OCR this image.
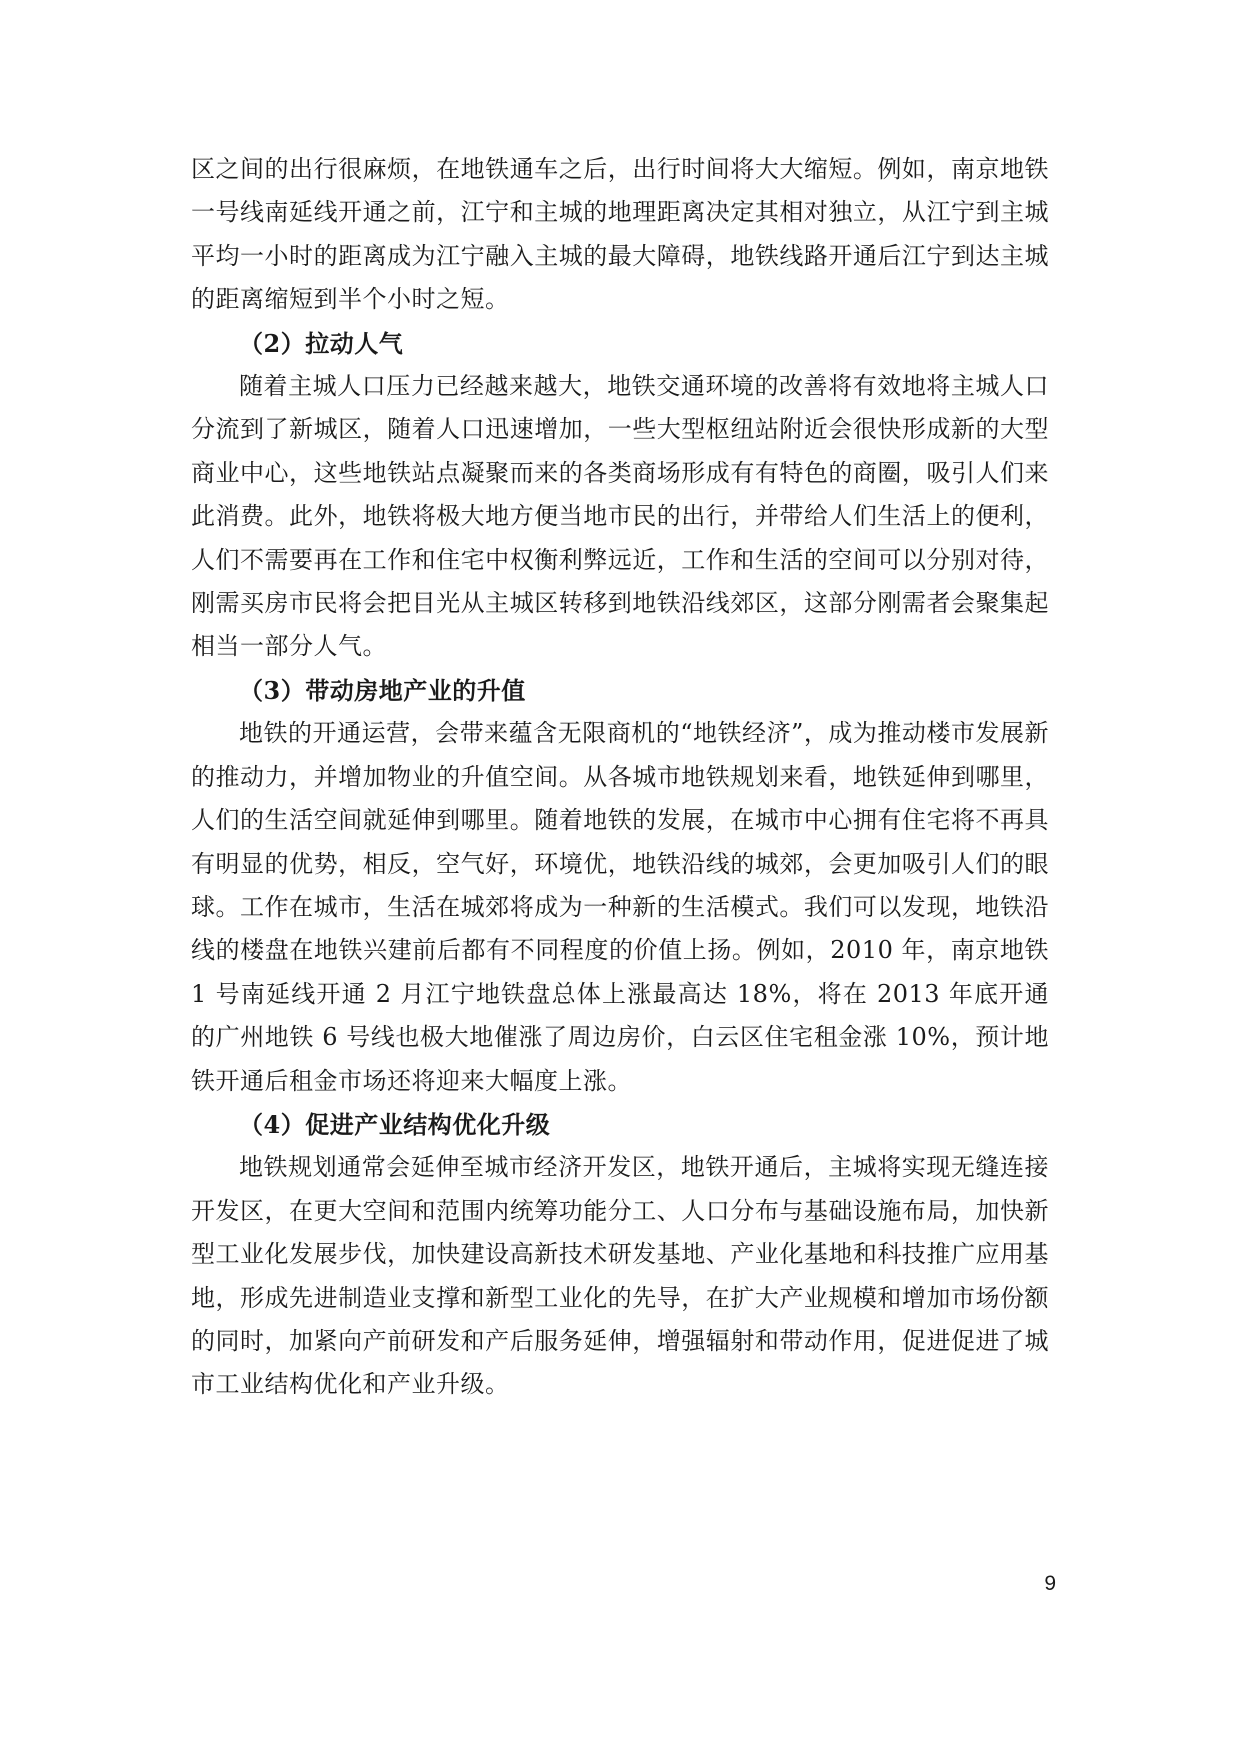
区之间的出行很麻烦，在地铁通车之后，出行时间将大大缩短。例如，南京地铁一号线南延线开通之前，江宁和主城的地理距离决定其相对独立，从江宁到主城平均一小时的距离成为江宁融入主城的最大障碍，地铁线路开通后江宁到达主城的距离缩短到半个小时之短。

（2）拉动人气

随着主城人口压力已经越来越大，地铁交通环境的改善将有效地将主城人口分流到了新城区，随着人口迅速增加，一些大型枢纽站附近会很快形成新的大型商业中心，这些地铁站点凝聚而来的各类商场形成有有特色的商圈，吸引人们来此消费。此外，地铁将极大地方便当地市民的出行，并带给人们生活上的便利，人们不需要再在工作和住宅中权衡利弊远近，工作和生活的空间可以分别对待，刚需买房市民将会把目光从主城区转移到地铁沿线郊区，这部分刚需者会聚集起相当一部分人气。

（3）带动房地产业的升值

地铁的开通运营，会带来蕴含无限商机的“地铁经济”，成为推动楼市发展新的推动力，并增加物业的升值空间。从各城市地铁规划来看，地铁延伸到哪里，人们的生活空间就延伸到哪里。随着地铁的发展，在城市中心拥有住宅将不再具有明显的优势，相反，空气好，环境优，地铁沿线的城郊，会更加吸引人们的眼球。工作在城市，生活在城郊将成为一种新的生活模式。我们可以发现，地铁沿线的楼盘在地铁兴建前后都有不同程度的价值上扬。例如，2010 年，南京地铁 1 号南延线开通 2 月江宁地铁盘总体上涨最高达 18%，将在 2013 年底开通的广州地铁 6 号线也极大地催涨了周边房价，白云区住宅租金涨 10%，预计地铁开通后租金市场还将迎来大幅度上涨。

（4）促进产业结构优化升级

地铁规划通常会延伸至城市经济开发区，地铁开通后，主城将实现无缝连接开发区，在更大空间和范围内统筹功能分工、人口分布与基础设施布局，加快新型工业化发展步伐，加快建设高新技术研发基地、产业化基地和科技推广应用基地，形成先进制造业支撑和新型工业化的先导，在扩大产业规模和增加市场份额的同时，加紧向产前研发和产后服务延伸，增强辐射和带动作用，促进促进了城市工业结构优化和产业升级。

9
